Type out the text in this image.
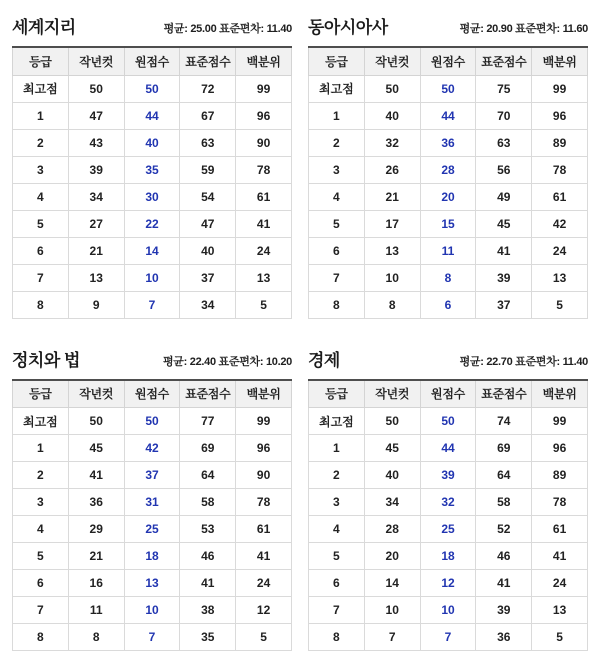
세계지리	평균: 25.00 표준편차: 11.40
등급	작년컷	원점수	표준점수	백분위
최고점	50	50	72	99
1	47	44	67	96
2	43	40	63	90
3	39	35	59	78
4	34	30	54	61
5	27	22	47	41
6	21	14	40	24
7	13	10	37	13
8	9	7	34	5
동아시아사	평균: 20.90 표준편차: 11.60
등급	작년컷	원점수	표준점수	백분위
최고점	50	50	75	99
1	40	44	70	96
2	32	36	63	89
3	26	28	56	78
4	21	20	49	61
5	17	15	45	42
6	13	11	41	24
7	10	8	39	13
8	8	6	37	5
정치와 법	평균: 22.40 표준편차: 10.20
등급	작년컷	원점수	표준점수	백분위
최고점	50	50	77	99
1	45	42	69	96
2	41	37	64	90
3	36	31	58	78
4	29	25	53	61
5	21	18	46	41
6	16	13	41	24
7	11	10	38	12
8	8	7	35	5
경제	평균: 22.70 표준편차: 11.40
등급	작년컷	원점수	표준점수	백분위
최고점	50	50	74	99
1	45	44	69	96
2	40	39	64	89
3	34	32	58	78
4	28	25	52	61
5	20	18	46	41
6	14	12	41	24
7	10	10	39	13
8	7	7	36	5
